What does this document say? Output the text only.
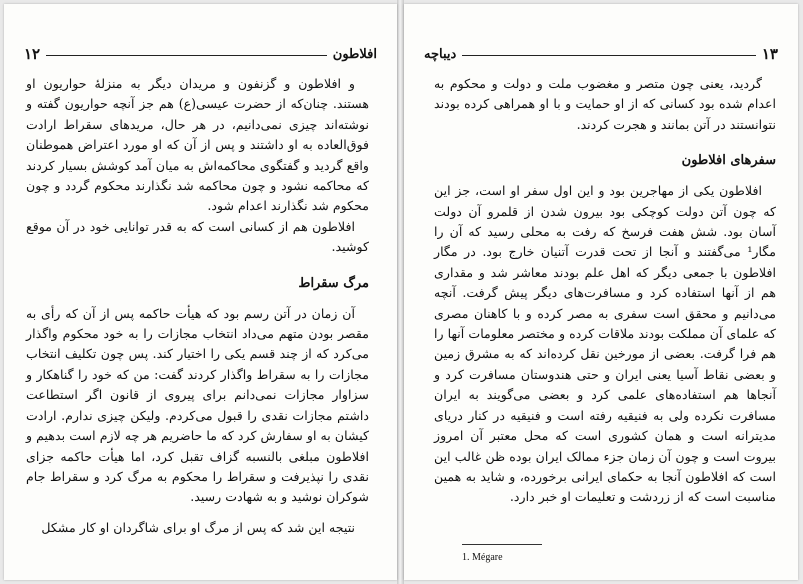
۱۲	افلاطون

و افلاطون و گزنفون و مریدان دیگر به منزلهٔ حواریون او هستند. چنان‌که از حضرت عیسی(ع) هم جز آنچه حواریون گفته و نوشته‌اند چیزی نمی‌دانیم، در هر حال، مریدهای سقراط ارادت فوق‌العاده به او داشتند و پس از آن که او مورد اعتراض هموطنان واقع گردید و گفتگوی محاکمه‌اش به میان آمد کوشش بسیار کردند که محاکمه نشود و چون محاکمه شد نگذارند محکوم گردد و چون محکوم شد نگذارند اعدام شود.

افلاطون هم از کسانی است که به قدر توانایی خود در آن موقع کوشید.

مرگ سقراط

آن زمان در آتن رسم بود که هیأت حاکمه پس از آن که رأی به مقصر بودن متهم می‌داد انتخاب مجازات را به خود محکوم واگذار می‌کرد که از چند قسم یکی را اختیار کند. پس چون تکلیف انتخاب مجازات را به سقراط واگذار کردند گفت: من که خود را گناهکار و سزاوار مجازات نمی‌دانم برای پیروی از قانون اگر استطاعت داشتم مجازات نقدی را قبول می‌کردم. ولیکن چیزی ندارم. ارادت کیشان به او سفارش کرد که ما حاضریم هر چه لازم است بدهیم و افلاطون مبلغی بالنسبه گزاف تقبل کرد، اما هیأت حاکمه جزای نقدی را نپذیرفت و سقراط را محکوم به مرگ کرد و سقراط جام شوکران نوشید و به شهادت رسید.

نتیجه این شد که پس از مرگ او برای شاگردان او کار مشکل

دیباچه	۱۳

گردید، یعنی چون متصر و مغضوب ملت و دولت و محکوم به اعدام شده بود کسانی که از او حمایت و با او همراهی کرده بودند نتوانستند در آتن بمانند و هجرت کردند.

سفرهای افلاطون

افلاطون یکی از مهاجرین بود و این اول سفر او است، جز این که چون آتن دولت کوچکی بود بیرون شدن از قلمرو آن دولت آسان بود. شش هفت فرسخ که رفت به محلی رسید که آن را مگار¹ می‌گفتند و آنجا از تحت قدرت آتنیان خارج بود. در مگار افلاطون با جمعی دیگر که اهل علم بودند معاشر شد و مقداری هم از آنها استفاده کرد و مسافرت‌های دیگر پیش گرفت. آنچه می‌دانیم و محقق است سفری به مصر کرده و با کاهنان مصری که علمای آن مملکت بودند ملاقات کرده و مختصر معلومات آنها را هم فرا گرفت. بعضی از مورخین نقل کرده‌اند که به مشرق زمین و بعضی نقاط آسیا یعنی ایران و حتی هندوستان مسافرت کرد و آنجاها هم استفاده‌های علمی کرد و بعضی می‌گویند به ایران مسافرت نکرده ولی به فنیقیه رفته است و فنیقیه در کنار دریای مدیترانه است و همان کشوری است که محل معتبر آن امروز بیروت است و چون آن زمان جزء ممالک ایران بوده ظن غالب این است که افلاطون آنجا به حکمای ایرانی برخورده، و شاید به همین مناسبت است که از زردشت و تعلیمات او خبر دارد.

1. Mégare
